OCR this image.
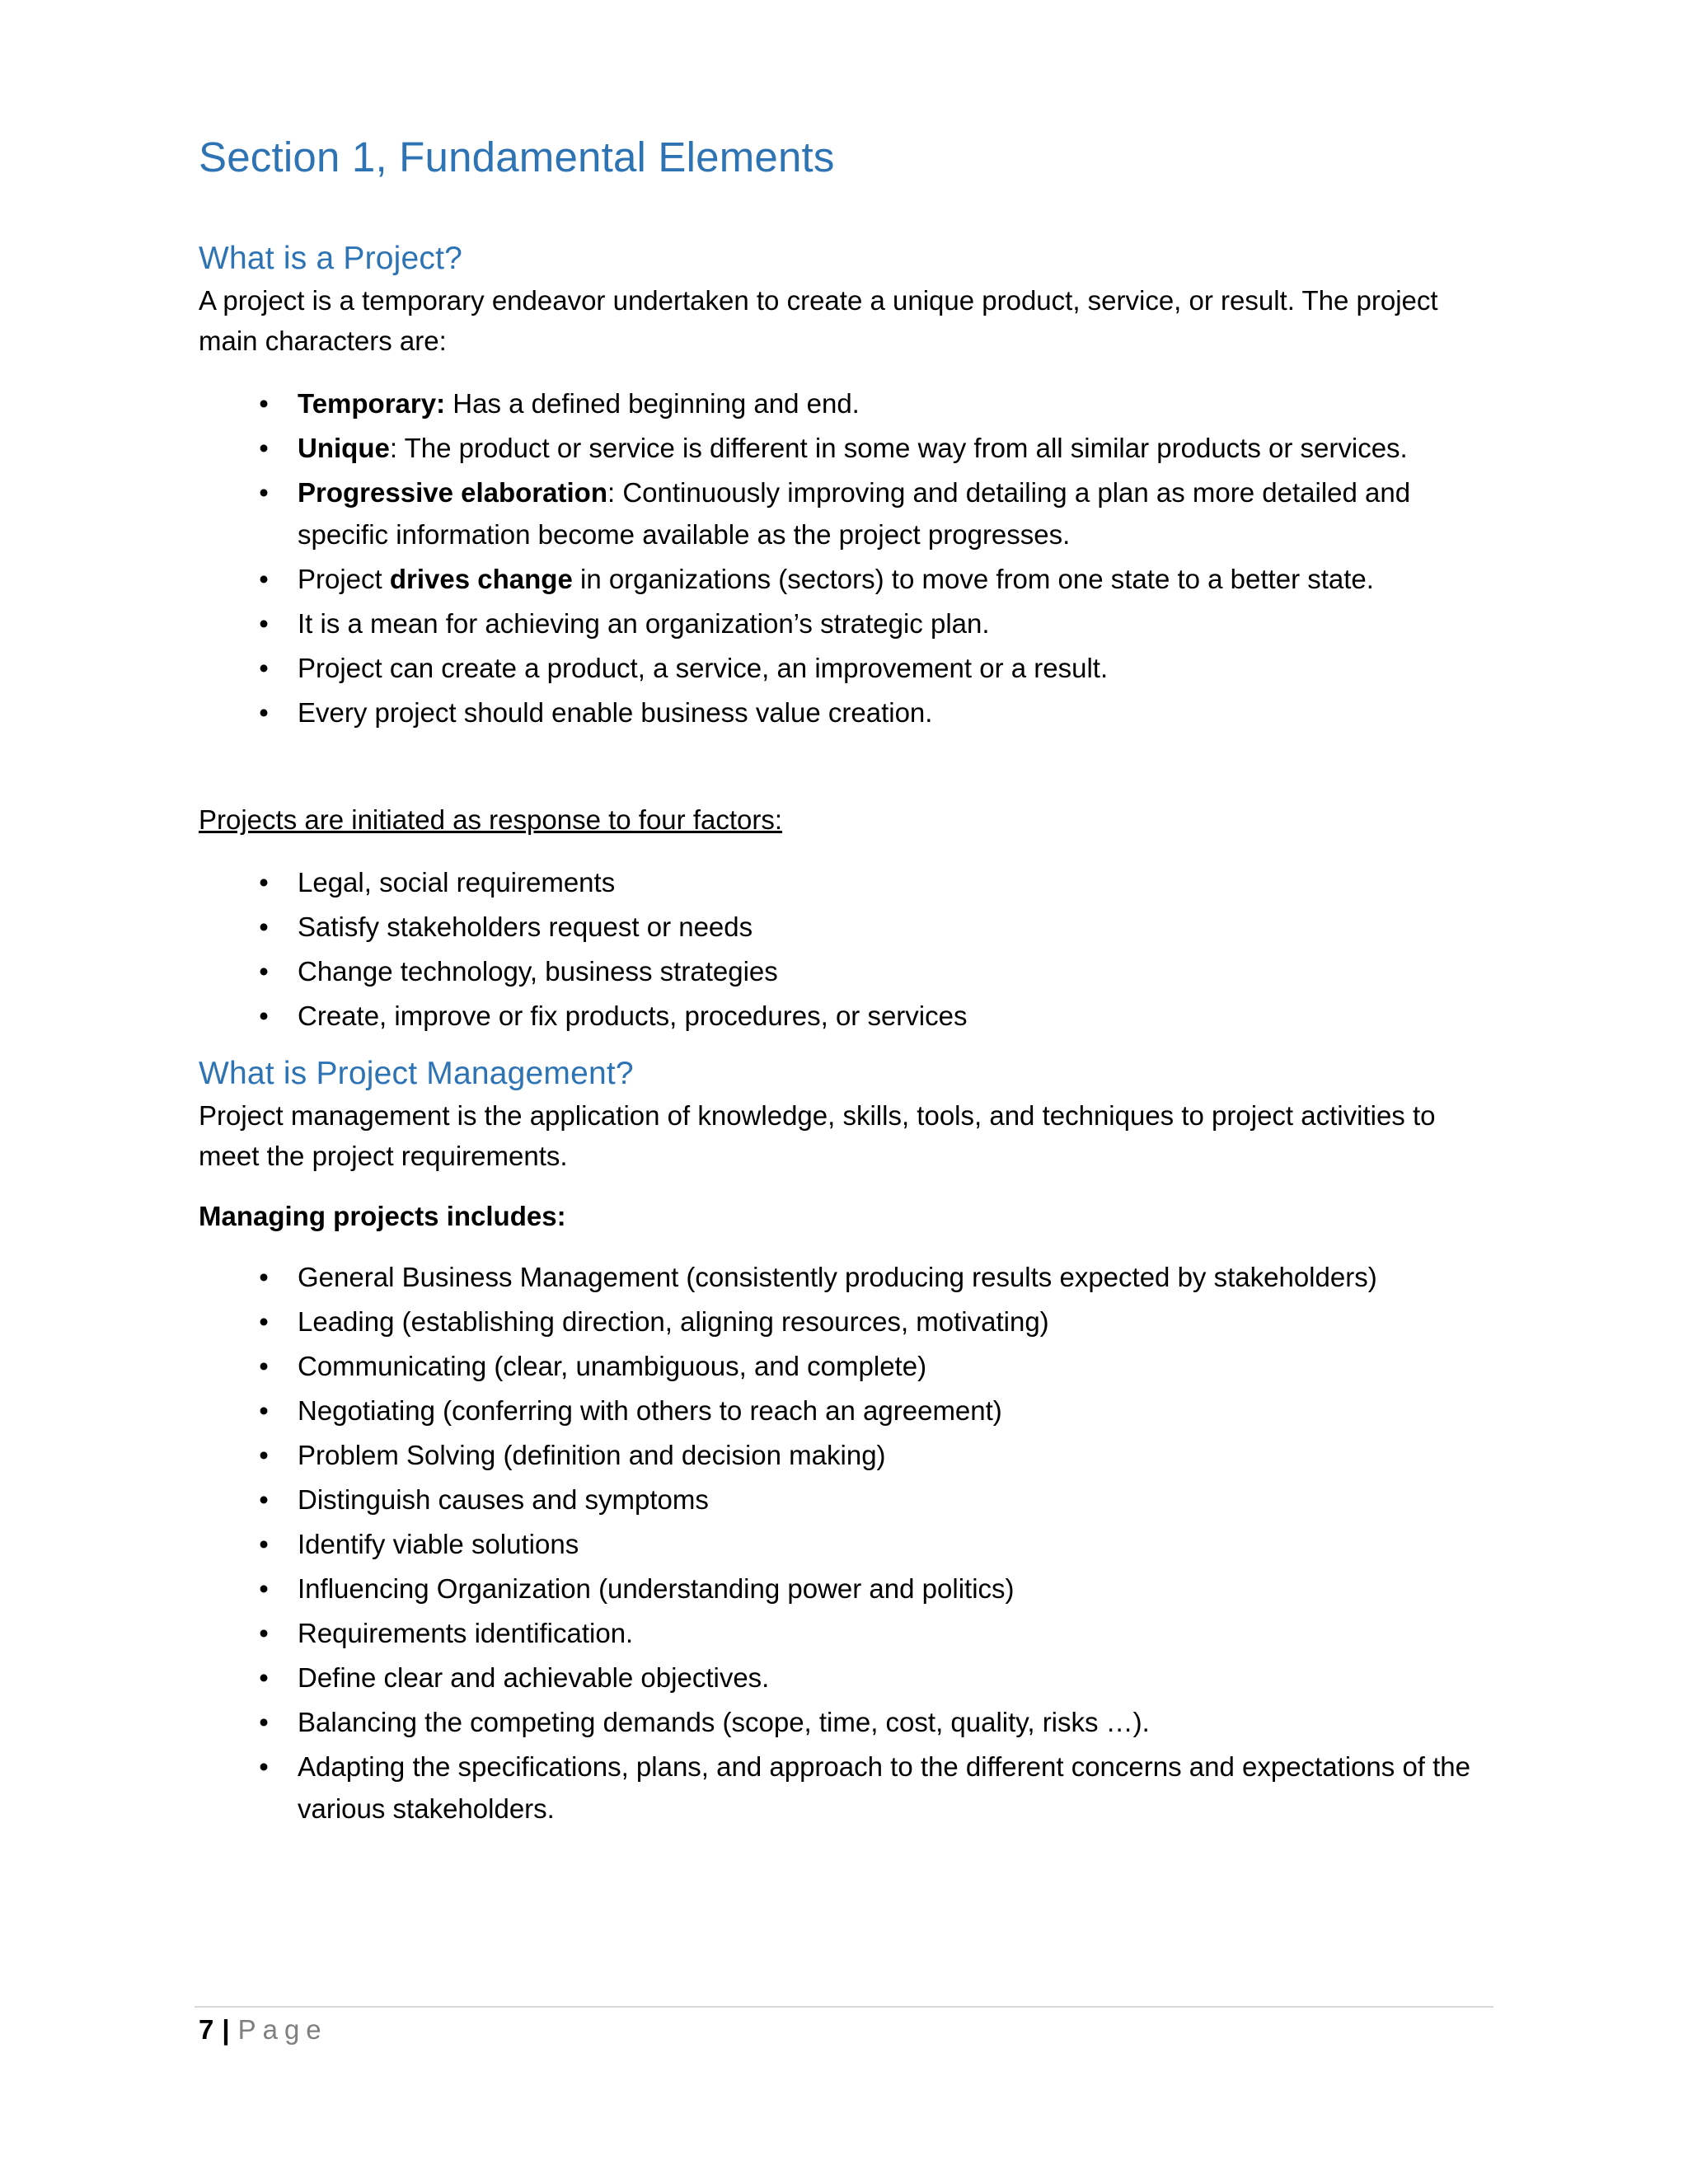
Section 1, Fundamental Elements
What is a Project?

A project is a temporary endeavor undertaken to create a unique product, service, or result. The project main characters are:

• Temporary: Has a defined beginning and end.
• Unique: The product or service is different in some way from all similar products or services.
• Progressive elaboration: Continuously improving and detailing a plan as more detailed and specific information become available as the project progresses.
• Project drives change in organizations (sectors) to move from one state to a better state.
• It is a mean for achieving an organization’s strategic plan.
• Project can create a product, a service, an improvement or a result.
• Every project should enable business value creation.

Projects are initiated as response to four factors:

• Legal, social requirements
• Satisfy stakeholders request or needs
• Change technology, business strategies
• Create, improve or fix products, procedures, or services
What is Project Management?

Project management is the application of knowledge, skills, tools, and techniques to project activities to meet the project requirements.

Managing projects includes:

• General Business Management (consistently producing results expected by stakeholders)
• Leading (establishing direction, aligning resources, motivating)
• Communicating (clear, unambiguous, and complete)
• Negotiating (conferring with others to reach an agreement)
• Problem Solving (definition and decision making)
• Distinguish causes and symptoms
• Identify viable solutions
• Influencing Organization (understanding power and politics)
• Requirements identification.
• Define clear and achievable objectives.
• Balancing the competing demands (scope, time, cost, quality, risks …).
• Adapting the specifications, plans, and approach to the different concerns and expectations of the various stakeholders.
7 | Page
